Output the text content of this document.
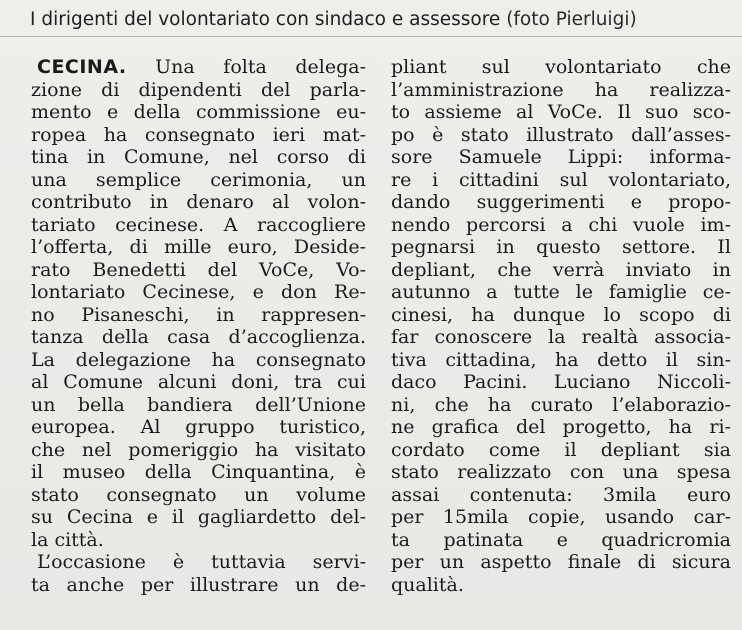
I dirigenti del volontariato con sindaco e assessore (foto Pierluigi)
CECINA. Una folta delega-
zione di dipendenti del parla-
mento e della commissione eu-
ropea ha consegnato ieri mat-
tina in Comune, nel corso di
una semplice cerimonia, un
contributo in denaro al volon-
tariato cecinese. A raccogliere
l’offerta, di mille euro, Deside-
rato Benedetti del VoCe, Vo-
lontariato Cecinese, e don Re-
no Pisaneschi, in rappresen-
tanza della casa d’accoglienza.
La delegazione ha consegnato
al Comune alcuni doni, tra cui
un bella bandiera dell’Unione
europea. Al gruppo turistico,
che nel pomeriggio ha visitato
il museo della Cinquantina, è
stato consegnato un volume
su Cecina e il gagliardetto del-
la città.
L’occasione è tuttavia servi-
ta anche per illustrare un de-
pliant sul volontariato che
l’amministrazione ha realizza-
to assieme al VoCe. Il suo sco-
po è stato illustrato dall’asses-
sore Samuele Lippi: informa-
re i cittadini sul volontariato,
dando suggerimenti e propo-
nendo percorsi a chi vuole im-
pegnarsi in questo settore. Il
depliant, che verrà inviato in
autunno a tutte le famiglie ce-
cinesi, ha dunque lo scopo di
far conoscere la realtà associa-
tiva cittadina, ha detto il sin-
daco Pacini. Luciano Niccoli-
ni, che ha curato l’elaborazio-
ne grafica del progetto, ha ri-
cordato come il depliant sia
stato realizzato con una spesa
assai contenuta: 3mila euro
per 15mila copie, usando car-
ta patinata e quadricromia
per un aspetto finale di sicura
qualità.
